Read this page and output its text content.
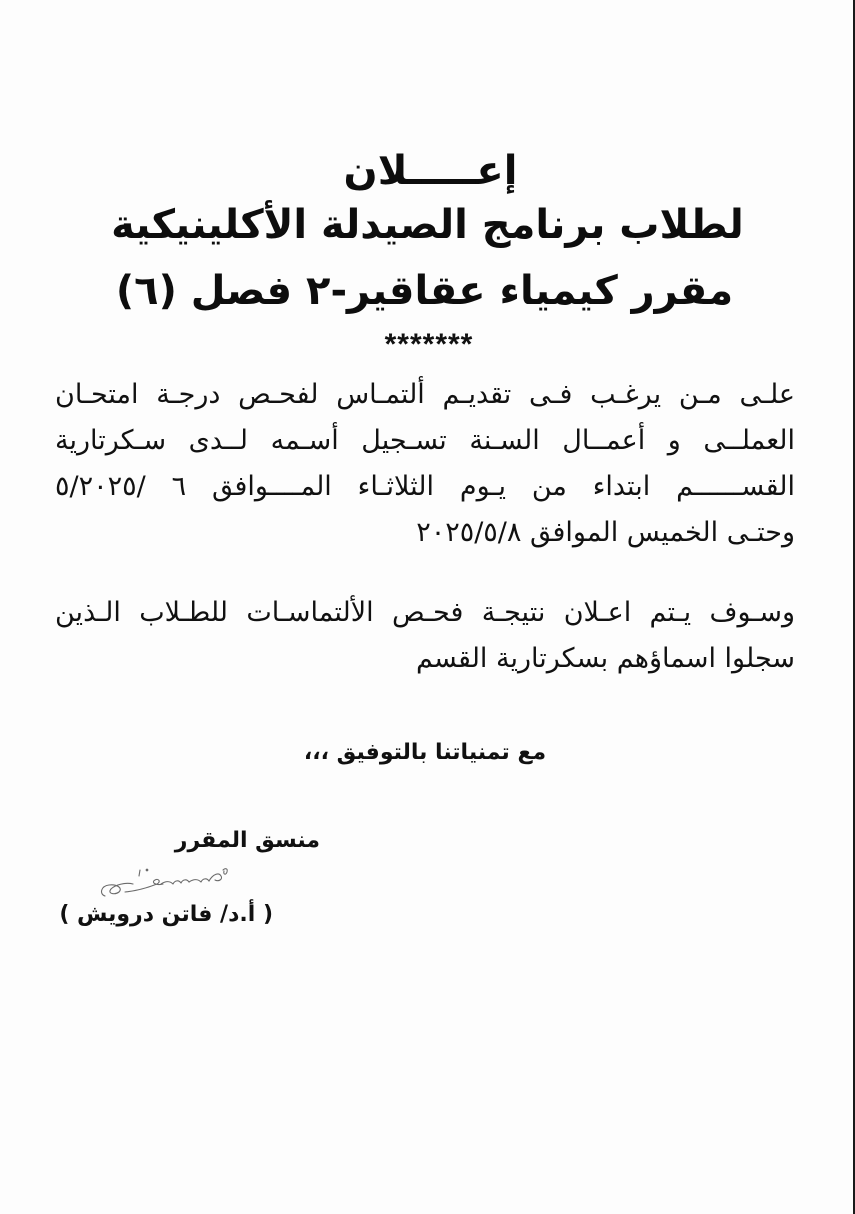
إعـــــلان
لطلاب برنامج الصيدلة الأكلينيكية
مقرر كيمياء عقاقير-٢ فصل (٦)
*******
علـى مـن يرغـب فـى تقديـم ألتمـاس لفحـص درجـة امتحـان
العملــى و أعمــال السـنة تسـجيل أسـمه لــدى سـكرتارية
القســــــم ابتداء من يـوم الثلاثـاء المــــوافق ٦ /٥/٢٠٢٥
وحتـى الخميس الموافق ٢٠٢٥/٥/٨
وسـوف يـتم اعـلان نتيجـة فحـص الألتماسـات للطـلاب الـذين
سجلوا اسماؤهم بسكرتارية القسم
مع تمنياتنا بالتوفيق ،،،
منسق المقرر
( أ.د/ فاتن درويش )
